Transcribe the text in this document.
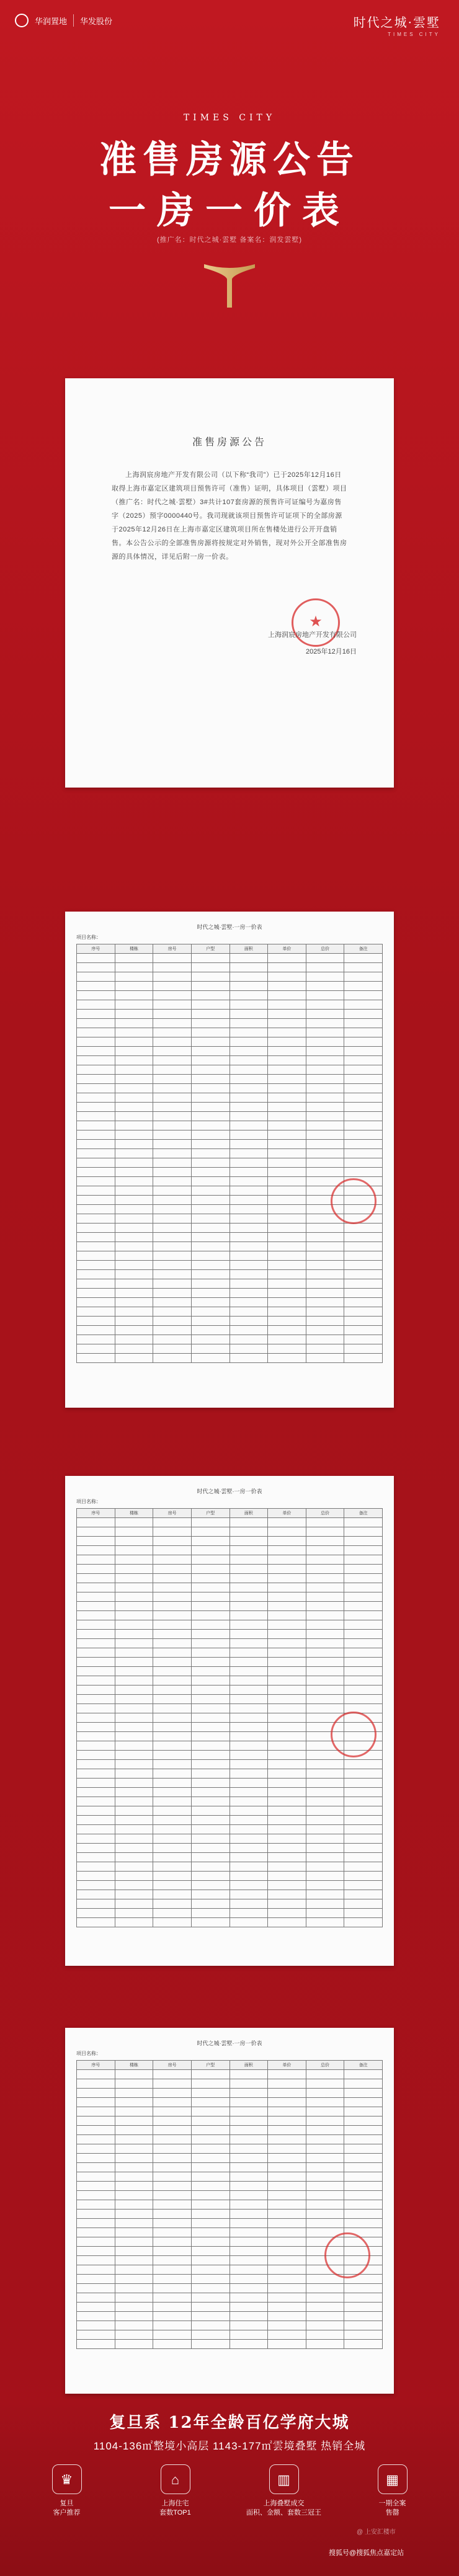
华润置地 华发股份	时代之城·雲墅
TIMES CITY
TIMES CITY
准售房源公告
一房一价表
(推广名：时代之城·雲墅 备案名：润发雲墅)
准售房源公告
上海润宸房地产开发有限公司（以下称“我司”）已于2025年12月16日取得上海市嘉定区建筑项目预售许可（准售）证明，具体项目（雲墅）项目（推广名：时代之城·雲墅）3#共计107套房源的预售许可证编号为嘉房售字（2025）预字0000440号。我司现就该项目预售许可证项下的全部房源于2025年12月26日在上海市嘉定区建筑项目所在售楼处进行公开开盘销售。本公告公示的全部准售房源将按规定对外销售，现对外公开全部准售房源的具体情况，详见后附一房一价表。
★
上海润宸房地产开发有限公司
2025年12月16日
时代之城·雲墅·一房一价表
项目名称：
序号	楼栋	房号	户型	面积	单价	总价	备注

时代之城·雲墅·一房一价表
项目名称：
序号	楼栋	房号	户型	面积	单价	总价	备注

时代之城·雲墅·一房一价表
项目名称：
序号	楼栋	房号	户型	面积	单价	总价	备注

复旦系 12年全龄百亿学府大城
1104-136㎡整境小高层 1143-177㎡雲境叠墅 热销全城
♛
复旦
客户推荐
⌂
上海住宅
套数TOP1
▥
上海叠墅成交
面积、金额、套数三冠王
▦
一期全案
售罄
@ 上安汇楼市
搜狐号@搜狐焦点嘉定站
